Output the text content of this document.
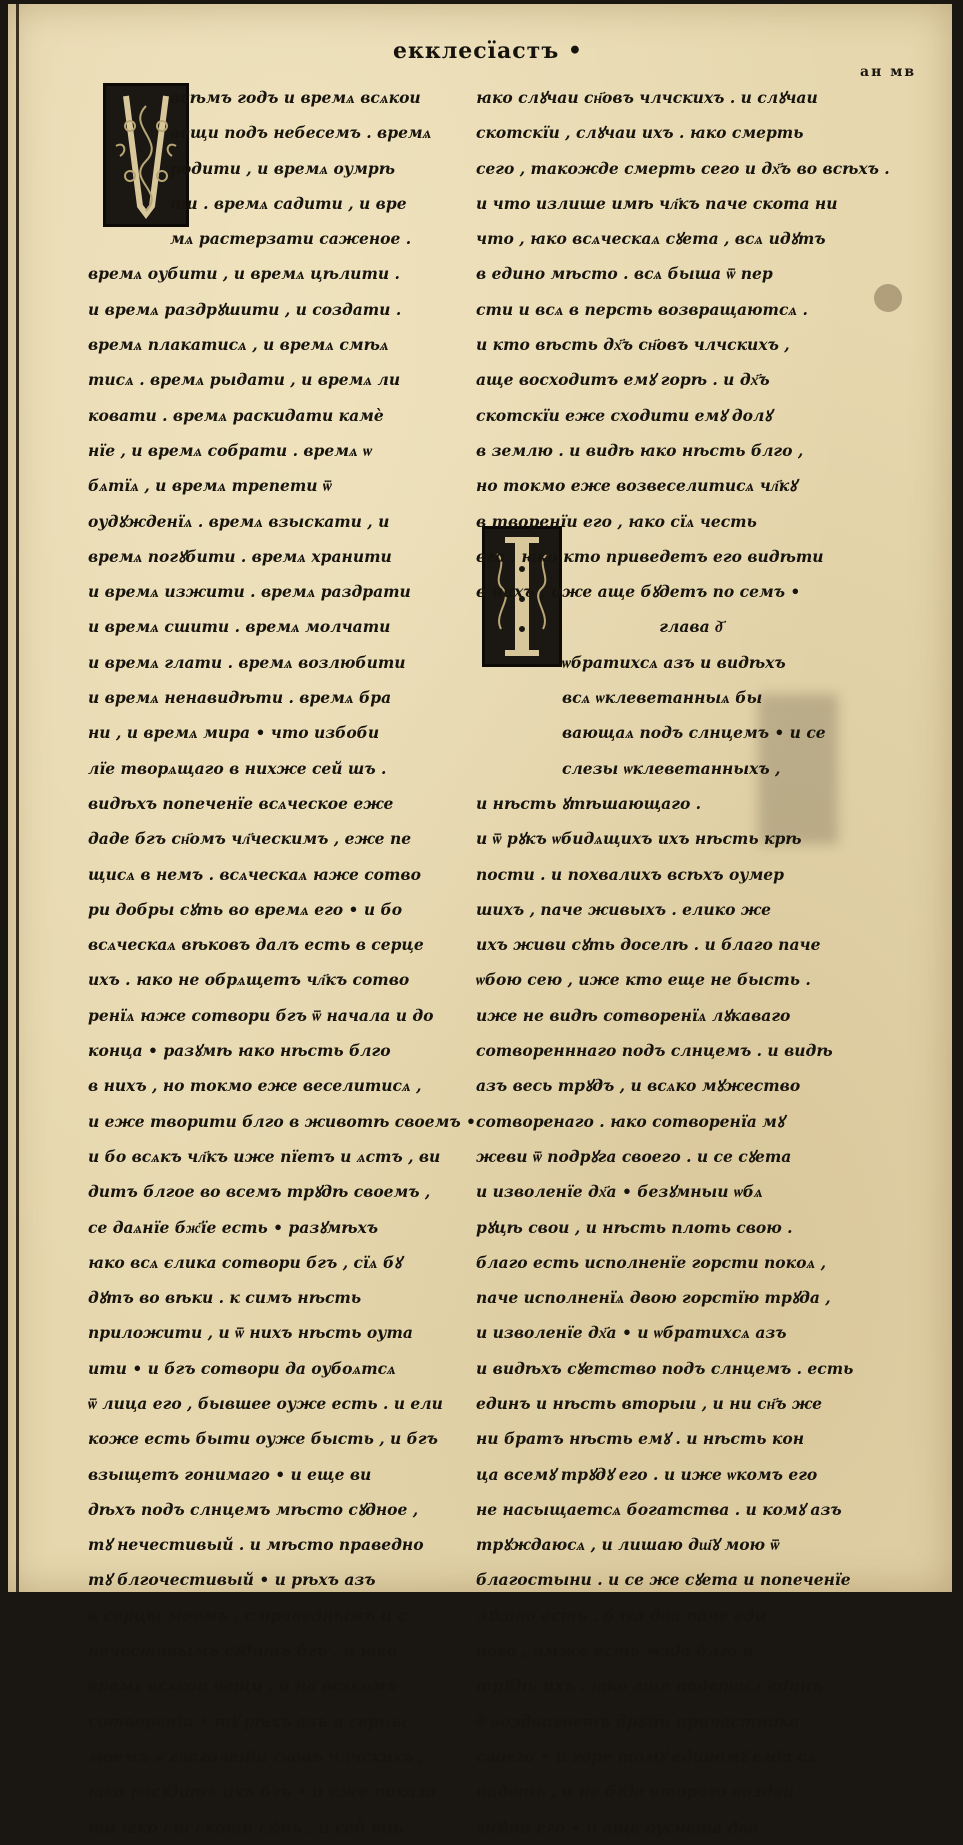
екклесїастъ •
ан мв
всѣмъ годъ и времѧ всѧкои
вещи подъ небесемъ . времѧ
родити , и времѧ оумрѣ
ти . времѧ садити , и вре
мѧ растерзати саженое .
времѧ оубити , и времѧ цѣлити .
и времѧ раздрꙋшити , и создати .
времѧ плакатисѧ , и времѧ смѣѧ
тисѧ . времѧ рыдати , и времѧ ли
ковати . времѧ раскидати камѐ
нїе , и времѧ собрати . времѧ ѡ
бѧтїѧ , и времѧ трепети ѿ
оудꙋжденїѧ . времѧ взыскати , и
времѧ погꙋбити . времѧ хранити
и времѧ изжити . времѧ раздрати
и времѧ сшити . времѧ молчати
и времѧ глати . времѧ возлюбити
и времѧ ненавидѣти . времѧ бра
ни , и времѧ мира • что избоби
лїе творѧщаго в нихже сей шъ .
видѣхъ попеченїе всѧческое еже
даде бгъ сн҃омъ чл҃ческимъ , еже пе
щисѧ в немъ . всѧческаѧ ꙗже сотво
ри добры сꙋть во времѧ его • и бо
всѧческаѧ вѣковъ далъ есть в серце
ихъ . ꙗко не обрѧщетъ чл҃къ сотво
ренїѧ ꙗже сотвори бгъ ѿ начала и до
конца • разꙋмѣ ꙗко нѣсть блго
в нихъ , но токмо еже веселитисѧ ,
и еже творити блго в животѣ своемъ •
и бо всѧкъ чл҃къ иже пїетъ и ѧстъ , ви
дитъ блгое во всемъ трꙋдѣ своемъ ,
се даѧнїе бж҃їе есть • разꙋмѣхъ
ꙗко всѧ єлика сотвори бгъ , сїѧ бꙋ
дꙋтъ во вѣки . к симъ нѣсть
приложити , и ѿ нихъ нѣсть оута
ити • и бгъ сотвори да оубоѧтсѧ
ѿ лица его , бывшее оуже есть . и ели
коже есть быти оуже бысть , и бгъ
взыщетъ гонимаго • и еще ви
дѣхъ подъ слнцемъ мѣсто сꙋдное ,
тꙋ нечестивый . и мѣсто праведно
тꙋ блгочестивый • и рѣхъ азъ
в серцы моемъ , с праведнымъ и с
нечестивымъ сꙋдитъ бгъ . и ꙗко
времѧ всѧкои вещи , и на всѧкомъ
сотворенїи • тꙋ рѣхъ азъ в серцы
моемъ ѡ глаголанїи сн҃овъ члчскихъ ,
ꙗко расꙋдитъ ихъ бгъ • и еже показа
ти ꙗко сїи скоти сꙋть , и сей тѣ
ꙗко слꙋчаи сн҃овъ члчскихъ . и слꙋчаи
скотскїи , слꙋчаи ихъ . ꙗко смерть
сего , такожде смерть сего и дх҃ъ во всѣхъ .
и что излише имѣ чл҃къ паче скота ни
что , ꙗко всѧческаѧ сꙋета , всѧ идꙋтъ
в едино мѣсто . всѧ быша ѿ пер
сти и всѧ в персть возвращаютсѧ .
и кто вѣсть дх҃ъ сн҃овъ члчскихъ ,
аще восходитъ емꙋ горѣ . и дх҃ъ
скотскїи еже сходити емꙋ долꙋ
в землю . и видѣ ꙗко нѣсть блго ,
но токмо еже возвеселитисѧ чл҃кꙋ
в творенїи его , ꙗко сїѧ честь
его . ꙗко кто приведетъ его видѣти
в нихъ , иже аще бꙋдетъ по семъ •
глава д҃
ѡбратихсѧ азъ и видѣхъ
всѧ ѡклеветанныѧ бы
вающаѧ подъ слнцемъ • и се
слезы ѡклеветанныхъ ,
и нѣсть ꙋтѣшающаго .
и ѿ рꙋкъ ѡбидѧщихъ ихъ нѣсть крѣ
пости . и похвалихъ всѣхъ оумер
шихъ , паче живыхъ . елико же
ихъ живи сꙋть доселѣ . и благо паче
ѡбою сею , иже кто еще не бысть .
иже не видѣ сотворенїѧ лꙋкаваго
сотворенннаго подъ слнцемъ . и видѣ
азъ весь трꙋдъ , и всѧко мꙋжество
сотворенаго . ꙗко сотворенїа мꙋ
жеви ѿ подрꙋга своего . и се сꙋета
и изволенїе дх҃а • безꙋмныи ѡбѧ
рꙋцѣ свои , и нѣсть плоть свою .
благо есть исполненїе горсти покоѧ ,
паче исполненїѧ двою горстїю трꙋда ,
и изволенїе дх҃а • и ѡбратихсѧ азъ
и видѣхъ сꙋетство подъ слнцемъ . есть
единъ и нѣсть вторыи , и ни сн҃ъ же
ни братъ нѣсть емꙋ . и нѣсть кон
ца всемꙋ трꙋдꙋ его . и иже ѡкомъ его
не насыщаетсѧ богатства . и комꙋ азъ
трꙋждаюсѧ , и лишаю дш҃ꙋ мою ѿ
благостыни . и се же сꙋета и попеченїе
лꙋкаво есть . блга два паче еди
наго , имже есть мзда блга в
трꙋдѣ ихъ . ꙗко аще падетасѧ единъ
ѿ воздвигнетъ дрꙋгїи причастника
своего • и горе томꙋ единомꙋ егда сѧ
падетъ , и не бꙋде втораго воздви
гнꙋти его • и аще оуснета два
